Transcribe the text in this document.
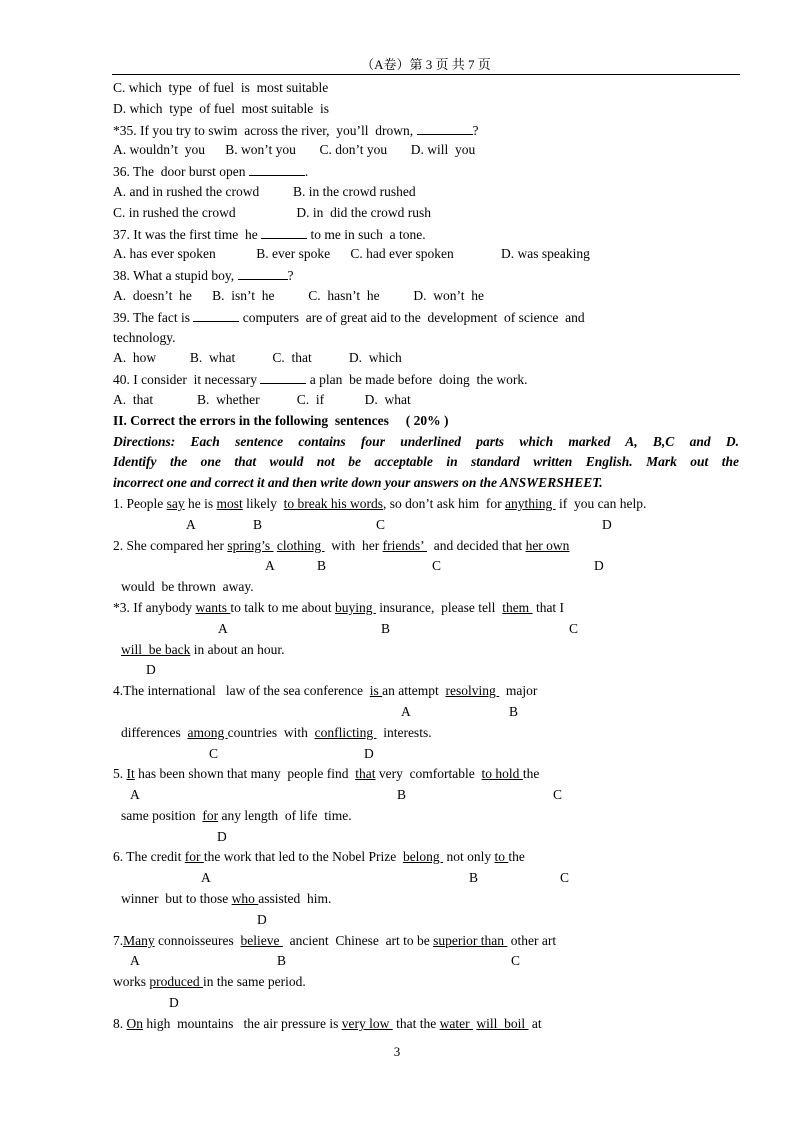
（A卷）第 3 页 共 7 页
C. which  type  of fuel  is  most suitable
D. which  type  of fuel  most suitable  is
*35. If you try to swim  across the river,  you’ll  drown,	?
A. wouldn’t  you      B. won’t you       C. don’t you       D. will  you
36. The  door burst open	.
A. and in rushed the crowd          B. in the crowd rushed
C. in rushed the crowd                  D. in  did the crowd rush
37. It was the first time  he	to me in such  a tone.
A. has ever spoken            B. ever spoke      C. had ever spoken              D. was speaking
38. What a stupid boy,	?
A.  doesn’t  he      B.  isn’t  he          C.  hasn’t  he          D.  won’t  he
39. The fact is	computers  are of great aid to the  development  of science  and
technology.
A.  how          B.  what           C.  that           D.  which
40. I consider  it necessary	a plan  be made before  doing  the work.
A.  that             B.  whether           C.  if            D.  what
II. Correct the errors in the following  sentences     ( 20% )
Directions: Each sentence contains four underlined parts which marked A, B,C and D.
Identify the one that would not be acceptable in standard written English. Mark out the
incorrect one and correct it and then write down your answers on the ANSWERSHEET.
1. People say he is most likely  to break his words, so don’t ask him  for anything  if  you can help.
A	B	C	D
2. She compared her spring’s  clothing   with  her friends’   and decided that her own
A	B	C	D
would  be thrown  away.
*3. If anybody wants to talk to me about buying  insurance,  please tell  them  that I
A	B	C
will  be back in about an hour.
D
4.The international   law of the sea conference  is an attempt  resolving   major
A	B
differences  among countries  with  conflicting   interests.
C	D
5. It has been shown that many  people find  that very  comfortable  to hold the
A	B	C
same position  for any length  of life  time.
D
6. The credit for the work that led to the Nobel Prize  belong  not only to the
A	B	C
winner  but to those who assisted  him.
D
7.Many connoisseures  believe   ancient  Chinese  art to be superior than  other art
A	B	C
works produced in the same period.
D
8. On high  mountains   the air pressure is very low  that the water  will  boil  at
3
